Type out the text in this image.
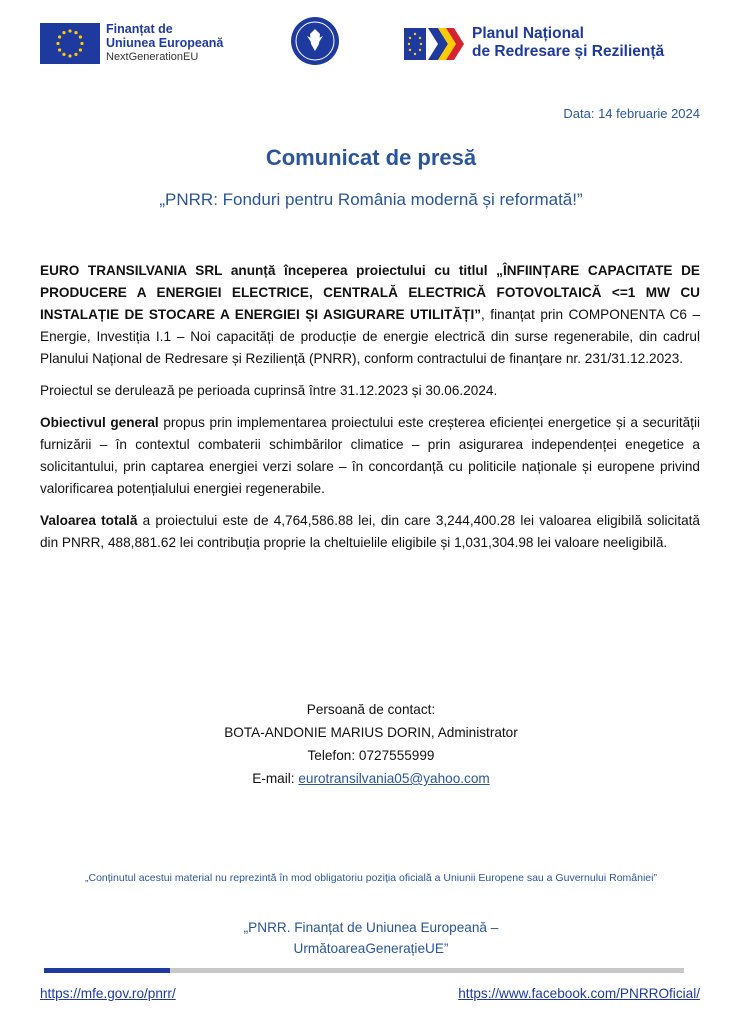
Finanțat de
Uniunea Europeană
NextGenerationEU
Planul Național
de Redresare și Reziliență
Data: 14 februarie 2024
Comunicat de presă
„PNRR: Fonduri pentru România modernă și reformată!”

EURO TRANSILVANIA SRL anunță începerea proiectului cu titlul „ÎNFIINȚARE CAPACITATE DE PRODUCERE A ENERGIEI ELECTRICE, CENTRALĂ ELECTRICĂ FOTOVOLTAICĂ <=1 MW CU INSTALAȚIE DE STOCARE A ENERGIEI ȘI ASIGURARE UTILITĂȚI”, finanțat prin COMPONENTA C6 – Energie, Investiția I.1 – Noi capacități de producție de energie electrică din surse regenerabile, din cadrul Planului Național de Redresare și Reziliență (PNRR), conform contractului de finanțare nr. 231/31.12.2023.

Proiectul se derulează pe perioada cuprinsă între 31.12.2023 și 30.06.2024.

Obiectivul general propus prin implementarea proiectului este creșterea eficienței energetice și a securității furnizării – în contextul combaterii schimbărilor climatice – prin asigurarea independenței enegetice a solicitantului, prin captarea energiei verzi solare – în concordanță cu politicile naționale și europene privind valorificarea potențialului energiei regenerabile.

Valoarea totală a proiectului este de 4,764,586.88 lei, din care 3,244,400.28 lei valoarea eligibilă solicitată din PNRR, 488,881.62 lei contribuția proprie la cheltuielile eligibile și 1,031,304.98 lei valoare neeligibilă.

Persoană de contact:
BOTA-ANDONIE MARIUS DORIN, Administrator
Telefon: 0727555999
E-mail: eurotransilvania05@yahoo.com
„Conținutul acestui material nu reprezintă în mod obligatoriu poziția oficială a Uniunii Europene sau a Guvernului României”
„PNRR. Finanțat de Uniunea Europeană –
UrmătoareaGenerațieUE”
https://mfe.gov.ro/pnrr/	https://www.facebook.com/PNRROficial/
